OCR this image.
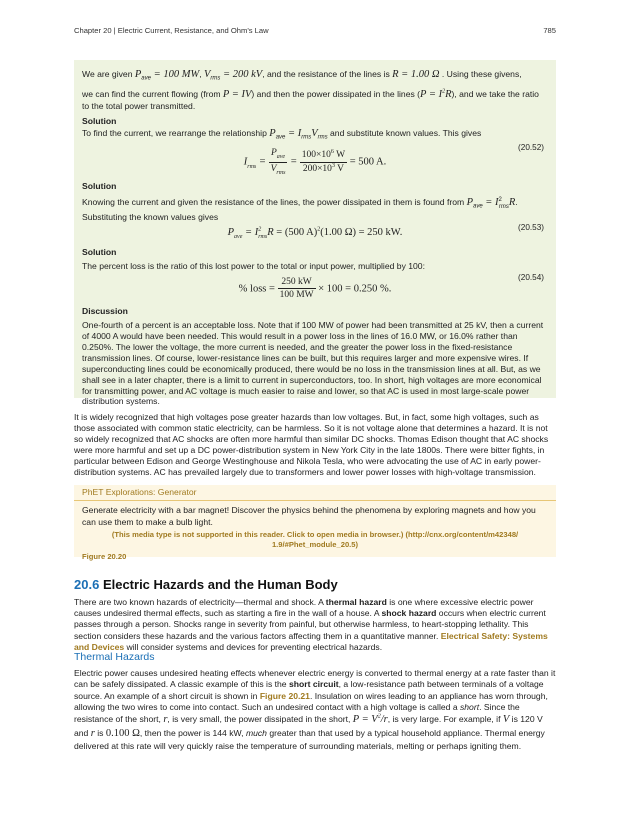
Chapter 20 | Electric Current, Resistance, and Ohm's Law	785

We are given $P_{ave} = 100$ MW, $V_{rms} = 200$ kV, and the resistance of the lines is R = 1.00 Ω . Using these givens,

we can find the current flowing (from P = IV) and then the power dissipated in the lines $(P = I^2R)$, and we take the ratio to the total power transmitted.

Solution

To find the current, we rearrange the relationship $P_{ave} = I_{rms}V_{rms}$ and substitute known values. This gives

$I_{rms} = \frac{P_{ave}}{V_{rms}} = \frac{100\times 10^6 W}{200\times 10^3 V} = 500$ A.
(20.52)

Solution

Knowing the current and given the resistance of the lines, the power dissipated in them is found from $P_{ave} = I^2_{rms}R$.
Substituting the known values gives

$P_{ave} = I^2_{rms}R = (500$ A)$^2$(1.00 Ω) = 250 kW.	(20.53)

Solution

The percent loss is the ratio of this lost power to the total or input power, multiplied by 100:

% loss = $\frac{250 kW}{100 MW} \times 100 = 0.250$ %.
(20.54)

Discussion

One-fourth of a percent is an acceptable loss. Note that if 100 MW of power had been transmitted at 25 kV, then a current of 4000 A would have been needed. This would result in a power loss in the lines of 16.0 MW, or 16.0% rather than 0.250%. The lower the voltage, the more current is needed, and the greater the power loss in the fixed-resistance transmission lines. Of course, lower-resistance lines can be built, but this requires larger and more expensive wires. If superconducting lines could be economically produced, there would be no loss in the transmission lines at all. But, as we shall see in a later chapter, there is a limit to current in superconductors, too. In short, high voltages are more economical for transmitting power, and AC voltage is much easier to raise and lower, so that AC is used in most large-scale power distribution systems.

It is widely recognized that high voltages pose greater hazards than low voltages. But, in fact, some high voltages, such as those associated with common static electricity, can be harmless. So it is not voltage alone that determines a hazard. It is not so widely recognized that AC shocks are often more harmful than similar DC shocks. Thomas Edison thought that AC shocks were more harmful and set up a DC power-distribution system in New York City in the late 1800s. There were bitter fights, in particular between Edison and George Westinghouse and Nikola Tesla, who were advocating the use of AC in early power-distribution systems. AC has prevailed largely due to transformers and lower power losses with high-voltage transmission.

PhET Explorations: Generator

Generate electricity with a bar magnet! Discover the physics behind the phenomena by exploring magnets and how you can use them to make a bulb light.

(This media type is not supported in this reader. Click to open media in browser.) (http://cnx.org/content/m42348/
1.9/#Phet_module_20.5)

Figure 20.20
20.6 Electric Hazards and the Human Body

There are two known hazards of electricity—thermal and shock. A thermal hazard is one where excessive electric power causes undesired thermal effects, such as starting a fire in the wall of a house. A shock hazard occurs when electric current passes through a person. Shocks range in severity from painful, but otherwise harmless, to heart-stopping lethality. This section considers these hazards and the various factors affecting them in a quantitative manner. Electrical Safety: Systems and Devices will consider systems and devices for preventing electrical hazards.

Thermal Hazards

Electric power causes undesired heating effects whenever electric energy is converted to thermal energy at a rate faster than it can be safely dissipated. A classic example of this is the short circuit, a low-resistance path between terminals of a voltage source. An example of a short circuit is shown in Figure 20.21. Insulation on wires leading to an appliance has worn through, allowing the two wires to come into contact. Such an undesired contact with a high voltage is called a short. Since the resistance of the short, r, is very small, the power dissipated in the short, $P = V^2/r$, is very large. For example, if V is 120 V and r is 0.100 Ω, then the power is 144 kW, much greater than that used by a typical household appliance. Thermal energy delivered at this rate will very quickly raise the temperature of surrounding materials, melting or perhaps igniting them.
